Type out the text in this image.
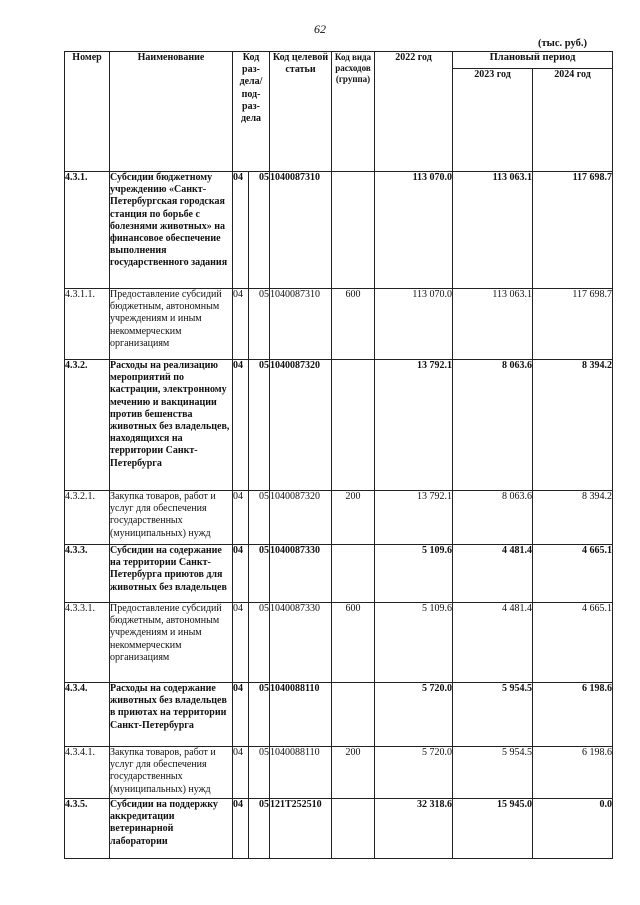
62
(тыс. руб.)
Номер	Наименование	Код раз-дела/ под-раз-дела		Код целевой статьи	Код вида расходов (группа)	2022 год	Плановый период	
							2023 год	2024 год
4.3.1.	Субсидии бюджетному учреждению «Санкт-Петербургская городская станция по борьбе с болезнями животных» на финансовое обеспечение выполнения государственного задания	04	05	1040087310		113 070.0	113 063.1	117 698.7
4.3.1.1.	Предоставление субсидий бюджетным, автономным учреждениям и иным некоммерческим организациям	04	05	1040087310	600	113 070.0	113 063.1	117 698.7
4.3.2.	Расходы на реализацию мероприятий по кастрации, электронному мечению и вакцинации против бешенства животных без владельцев, находящихся на территории Санкт-Петербурга	04	05	1040087320		13 792.1	8 063.6	8 394.2
4.3.2.1.	Закупка товаров, работ и услуг для обеспечения государственных (муниципальных) нужд	04	05	1040087320	200	13 792.1	8 063.6	8 394.2
4.3.3.	Субсидии на содержание на территории Санкт-Петербурга приютов для животных без владельцев	04	05	1040087330		5 109.6	4 481.4	4 665.1
4.3.3.1.	Предоставление субсидий бюджетным, автономным учреждениям и иным некоммерческим организациям	04	05	1040087330	600	5 109.6	4 481.4	4 665.1
4.3.4.	Расходы на содержание животных без владельцев в приютах на территории Санкт-Петербурга	04	05	1040088110		5 720.0	5 954.5	6 198.6
4.3.4.1.	Закупка товаров, работ и услуг для обеспечения государственных (муниципальных) нужд	04	05	1040088110	200	5 720.0	5 954.5	6 198.6
4.3.5.	Субсидии на поддержку аккредитации ветеринарной лаборатории	04	05	121T252510		32 318.6	15 945.0	0.0
